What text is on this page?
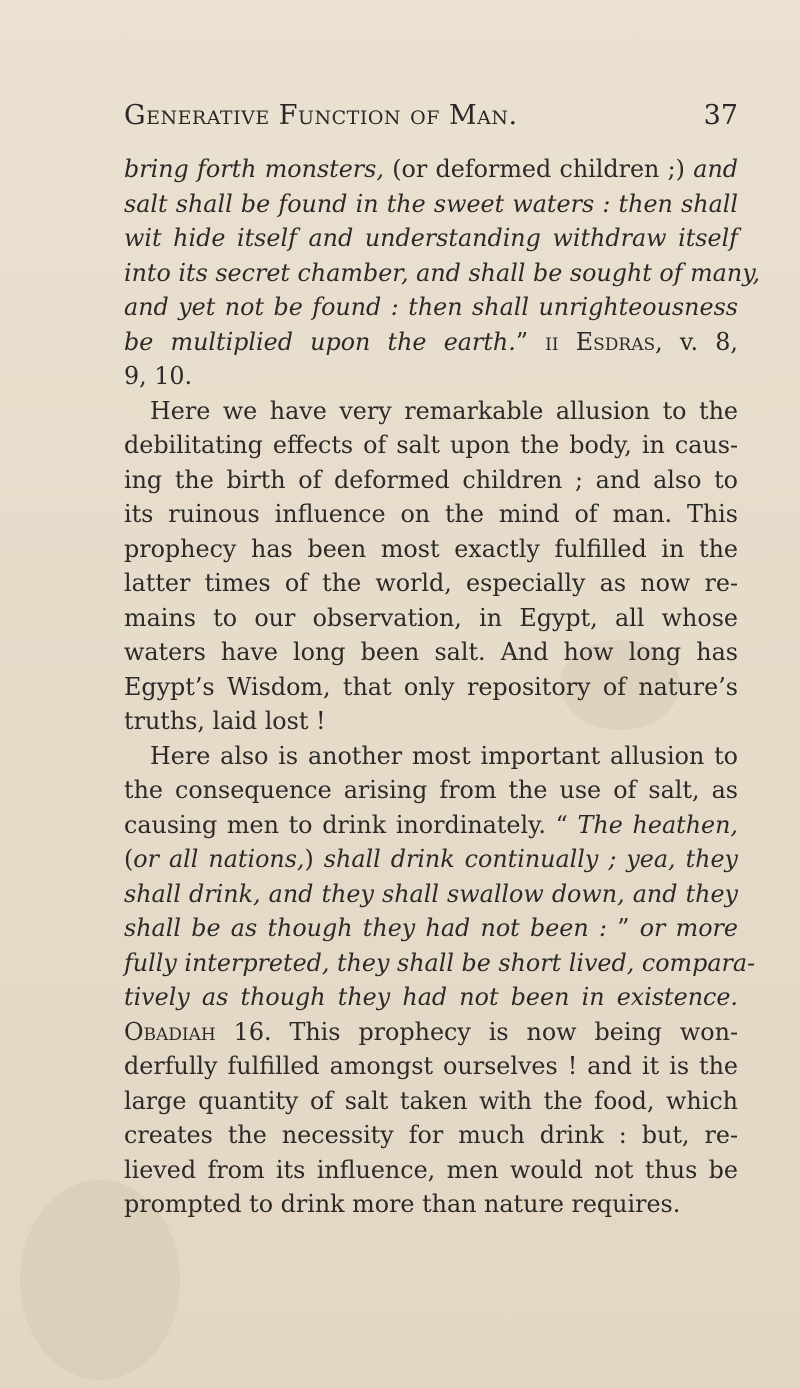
Generative Function of Man.	37
bring forth monsters, (or deformed children ;) and
salt shall be found in the sweet waters : then shall
wit hide itself and understanding withdraw itself
into its secret chamber, and shall be sought of many,
and yet not be found : then shall unrighteousness
be multiplied upon the earth.” ii Esdras, v. 8,
9, 10.
Here we have very remarkable allusion to the
debilitating effects of salt upon the body, in caus-
ing the birth of deformed children ; and also to
its ruinous influence on the mind of man. This
prophecy has been most exactly fulfilled in the
latter times of the world, especially as now re-
mains to our observation, in Egypt, all whose
waters have long been salt. And how long has
Egypt’s Wisdom, that only repository of nature’s
truths, laid lost !
Here also is another most important allusion to
the consequence arising from the use of salt, as
causing men to drink inordinately. “ The heathen,
(or all nations,) shall drink continually ; yea, they
shall drink, and they shall swallow down, and they
shall be as though they had not been : ” or more
fully interpreted, they shall be short lived, compara-
tively as though they had not been in existence.
Obadiah 16. This prophecy is now being won-
derfully fulfilled amongst ourselves ! and it is the
large quantity of salt taken with the food, which
creates the necessity for much drink : but, re-
lieved from its influence, men would not thus be
prompted to drink more than nature requires.
